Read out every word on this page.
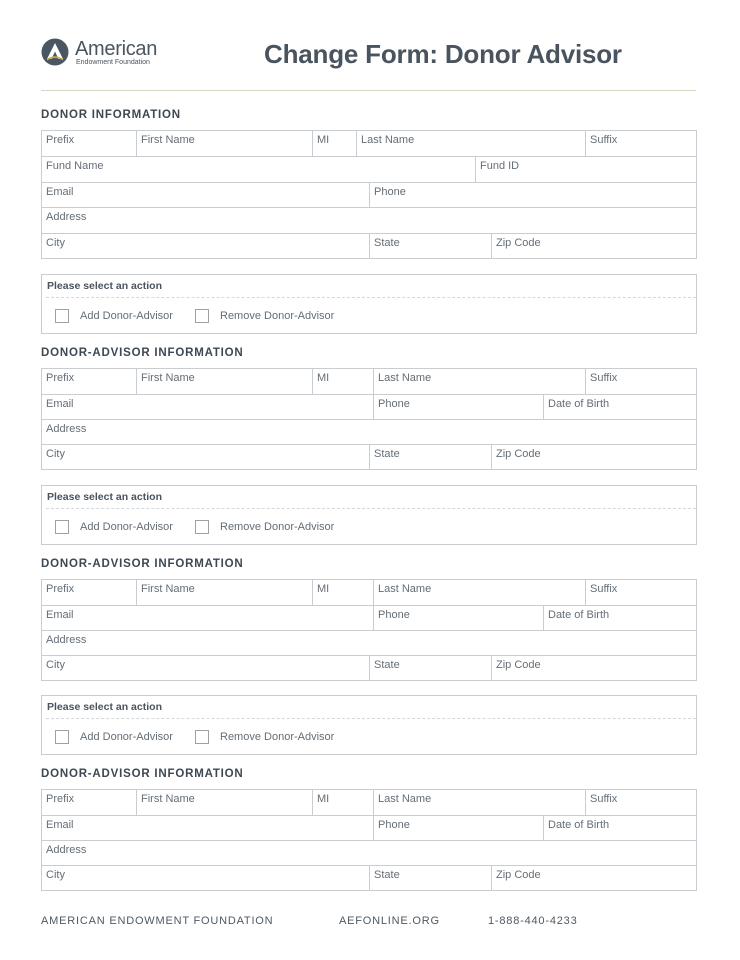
American
Endowment Foundation	Change Form: Donor Advisor
DONOR INFORMATION
Prefix	First Name	MI	Last Name	Suffix
Fund Name	Fund ID
Email	Phone
Address
City	State	Zip Code
Please select an action
Add Donor-Advisor	Remove Donor-Advisor
DONOR-ADVISOR INFORMATION
Prefix	First Name	MI	Last Name	Suffix
Email	Phone	Date of Birth
Address
City	State	Zip Code
Please select an action
Add Donor-Advisor	Remove Donor-Advisor
DONOR-ADVISOR INFORMATION
Prefix	First Name	MI	Last Name	Suffix
Email	Phone	Date of Birth
Address
City	State	Zip Code
Please select an action
Add Donor-Advisor	Remove Donor-Advisor
DONOR-ADVISOR INFORMATION
Prefix	First Name	MI	Last Name	Suffix
Email	Phone	Date of Birth
Address
City	State	Zip Code
AMERICAN ENDOWMENT FOUNDATION	AEFONLINE.ORG	1-888-440-4233
